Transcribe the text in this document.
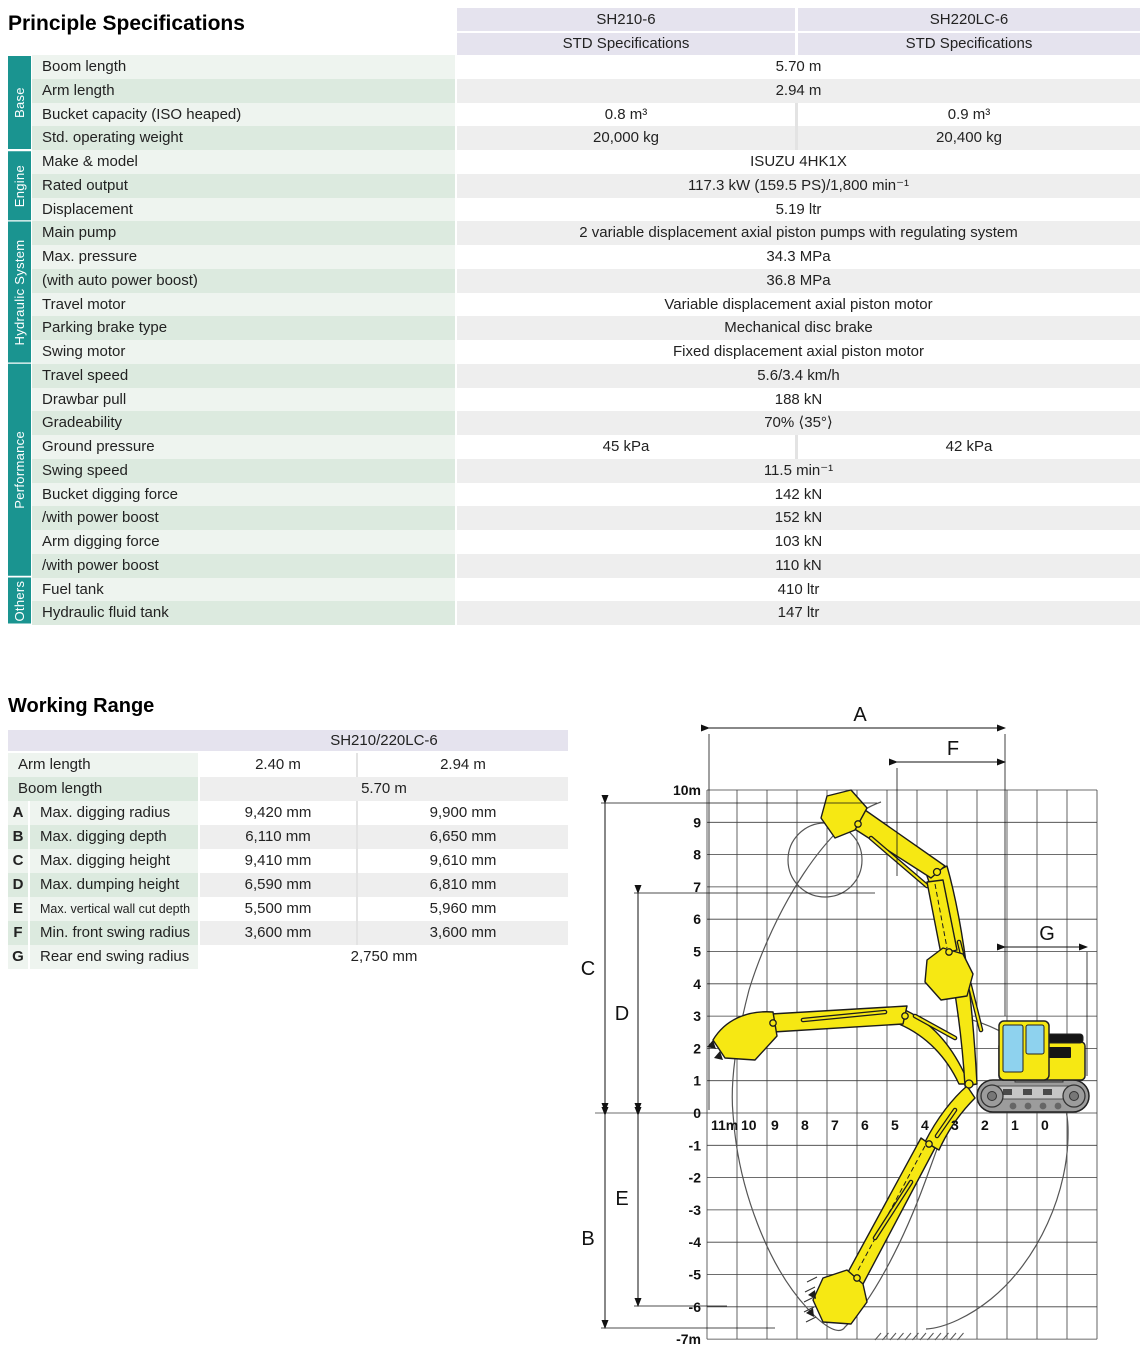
Principle Specifications
Working Range	A
F
G
C
D
B
E
11m 10 9 8 7 6 5 4 3 2 1 0
10m
9
8
7
6
5
4
3
2
1
0
-1
-2
-3
-4
-5
-6
-7m
SH210-6
STD Specifications
SH220LC-6
STD Specifications
Boom length	5.70 m
Arm length	2.94 m
Bucket capacity (ISO heaped)	0.8 m³	0.9 m³
Std. operating weight	20,000 kg	20,400 kg
Base
Make & model	ISUZU 4HK1X
Rated output	117.3 kW (159.5 PS)/1,800 min⁻¹
Displacement	5.19 ltr
Engine
Main pump	2 variable displacement axial piston pumps with regulating system
Max. pressure	34.3 MPa
(with auto power boost)	36.8 MPa
Travel motor	Variable displacement axial piston motor
Parking brake type	Mechanical disc brake
Swing motor	Fixed displacement axial piston motor
Hydraulic System
Travel speed	5.6/3.4 km/h
Drawbar pull	188 kN
Gradeability	70% ⟨35°⟩
Ground pressure	45 kPa	42 kPa
Swing speed	11.5 min⁻¹
Bucket digging force	142 kN
/with power boost	152 kN
Arm digging force	103 kN
/with power boost	110 kN
Performance
Fuel tank	410 ltr
Hydraulic fluid tank	147 ltr
Others
SH210/220LC-6
Arm length	2.40 m	2.94 m
Boom length	5.70 m
A	Max. digging radius	9,420 mm	9,900 mm
B	Max. digging depth	6,110 mm	6,650 mm
C	Max. digging height	9,410 mm	9,610 mm
D	Max. dumping height	6,590 mm	6,810 mm
E	Max. vertical wall cut depth	5,500 mm	5,960 mm
F	Min. front swing radius	3,600 mm	3,600 mm
G	Rear end swing radius	2,750 mm
